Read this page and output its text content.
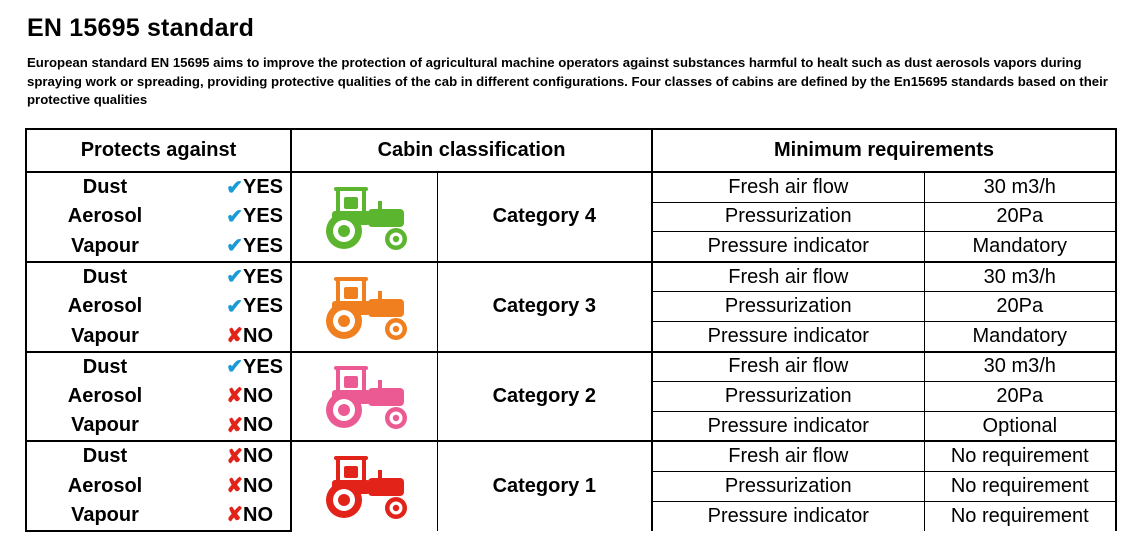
EN 15695 standard

European standard EN 15695 aims to improve the protection of agricultural machine operators against substances harmful to healt such as dust aerosols vapors during spraying work or spreading, providing protective qualities of the cab in different configurations. Four classes of cabins are defined by the En15695 standards based on their protective qualities

Protects against			Cabin classification		Minimum requirements	
Dust	✔	YES		Category 4	Fresh air flow	30 m3/h
Aerosol	✔	YES			Pressurization	20Pa
Vapour	✔	YES			Pressure indicator	Mandatory
Dust	✔	YES		Category 3	Fresh air flow	30 m3/h
Aerosol	✔	YES			Pressurization	20Pa
Vapour	✘	NO			Pressure indicator	Mandatory
Dust	✔	YES		Category 2	Fresh air flow	30 m3/h
Aerosol	✘	NO			Pressurization	20Pa
Vapour	✘	NO			Pressure indicator	Optional
Dust	✘	NO		Category 1	Fresh air flow	No requirement
Aerosol	✘	NO			Pressurization	No requirement
Vapour	✘	NO			Pressure indicator	No requirement
